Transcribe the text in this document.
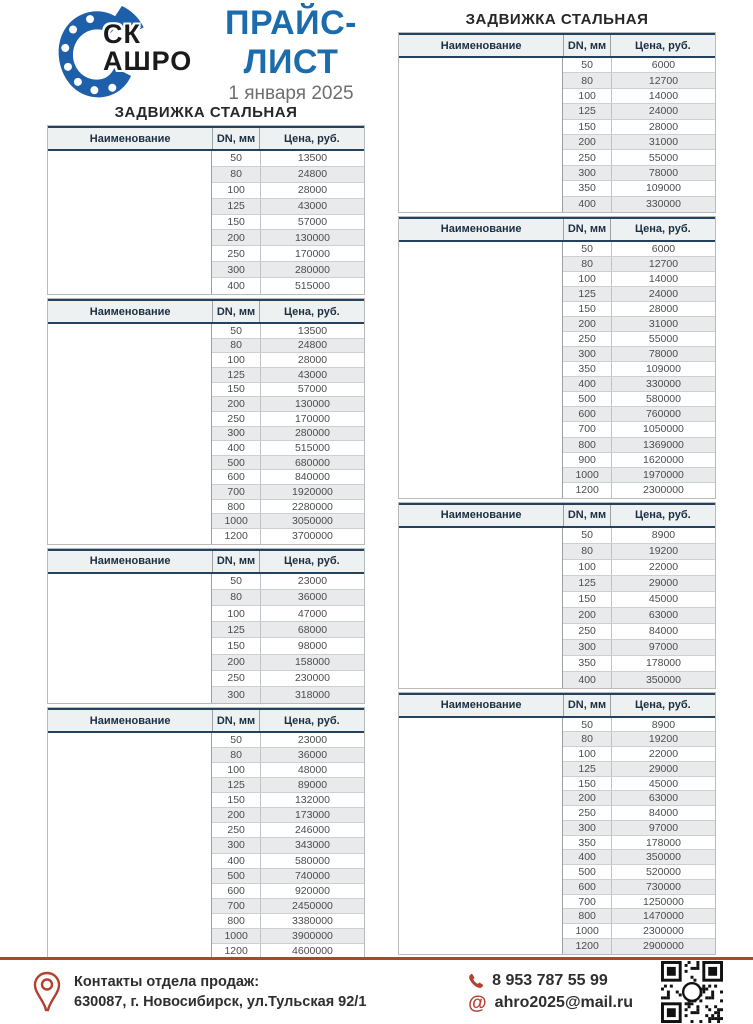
СК
АШРО
ПРАЙС-ЛИСТ
1 января 2025
ЗАДВИЖКА СТАЛЬНАЯ
Наименование	DN, мм	Цена, руб.
50	13500
80	24800
100	28000
125	43000
150	57000
200	130000
250	170000
300	280000
400	515000
Наименование	DN, мм	Цена, руб.
50	13500
80	24800
100	28000
125	43000
150	57000
200	130000
250	170000
300	280000
400	515000
500	680000
600	840000
700	1920000
800	2280000
1000	3050000
1200	3700000
Наименование	DN, мм	Цена, руб.
50	23000
80	36000
100	47000
125	68000
150	98000
200	158000
250	230000
300	318000
Наименование	DN, мм	Цена, руб.
50	23000
80	36000
100	48000
125	89000
150	132000
200	173000
250	246000
300	343000
400	580000
500	740000
600	920000
700	2450000
800	3380000
1000	3900000
1200	4600000
ЗАДВИЖКА СТАЛЬНАЯ
Наименование	DN, мм	Цена, руб.
50	6000
80	12700
100	14000
125	24000
150	28000
200	31000
250	55000
300	78000
350	109000
400	330000
Наименование	DN, мм	Цена, руб.
50	6000
80	12700
100	14000
125	24000
150	28000
200	31000
250	55000
300	78000
350	109000
400	330000
500	580000
600	760000
700	1050000
800	1369000
900	1620000
1000	1970000
1200	2300000
Наименование	DN, мм	Цена, руб.
50	8900
80	19200
100	22000
125	29000
150	45000
200	63000
250	84000
300	97000
350	178000
400	350000
Наименование	DN, мм	Цена, руб.
50	8900
80	19200
100	22000
125	29000
150	45000
200	63000
250	84000
300	97000
350	178000
400	350000
500	520000
600	730000
700	1250000
800	1470000
1000	2300000
1200	2900000
Контакты отдела продаж:
630087, г. Новосибирск, ул.Тульская 92/1
8 953 787 55 99
@ ahro2025@mail.ru
